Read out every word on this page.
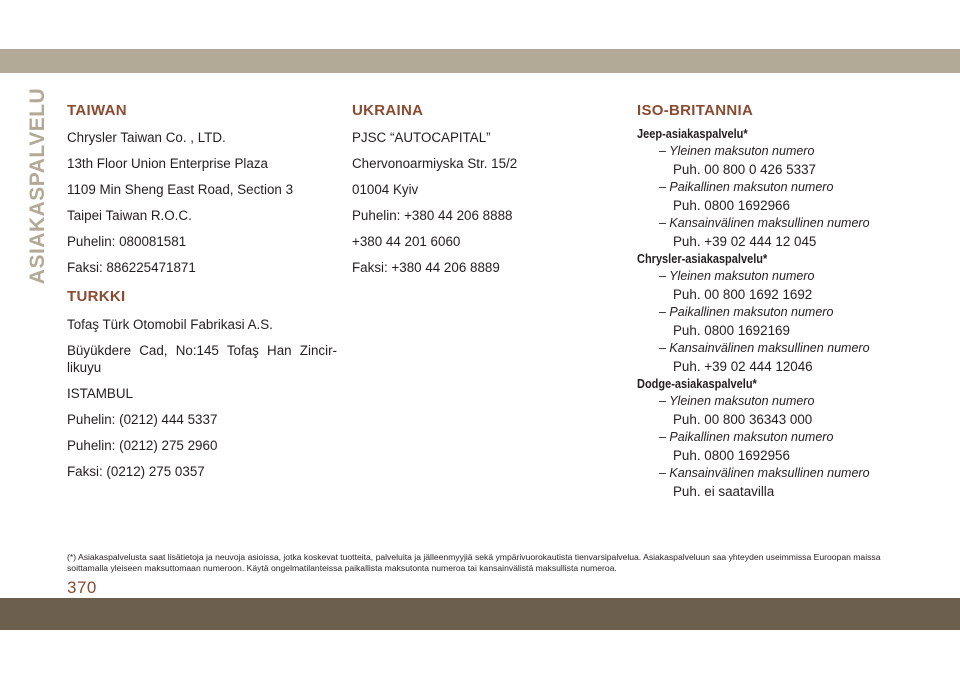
ASIAKASPALVELU TAIWAN

Chrysler Taiwan Co. , LTD.

13th Floor Union Enterprise Plaza

1109 Min Sheng East Road, Section 3

Taipei Taiwan R.O.C.

Puhelin: 080081581

Faksi: 886225471871

TURKKI

Tofaş Türk Otomobil Fabrikasi A.S.

Büyükdere Cad, No:145 Tofaş Han Zincir-likuyu

ISTAMBUL

Puhelin: (0212) 444 5337

Puhelin: (0212) 275 2960

Faksi: (0212) 275 0357

UKRAINA

PJSC “AUTOCAPITAL”

Chervonoarmiyska Str. 15/2

01004 Kyiv

Puhelin: +380 44 206 8888

+380 44 201 6060

Faksi: +380 44 206 8889

ISO-BRITANNIA

Jeep-asiakaspalvelu*

– Yleinen maksuton numero
Puh. 00 800 0 426 5337
– Paikallinen maksuton numero
Puh. 0800 1692966
– Kansainvälinen maksullinen numero
Puh. +39 02 444 12 045

Chrysler-asiakaspalvelu*

– Yleinen maksuton numero
Puh. 00 800 1692 1692
– Paikallinen maksuton numero
Puh. 0800 1692169
– Kansainvälinen maksullinen numero
Puh. +39 02 444 12046

Dodge-asiakaspalvelu*

– Yleinen maksuton numero
Puh. 00 800 36343 000
– Paikallinen maksuton numero
Puh. 0800 1692956
– Kansainvälinen maksullinen numero
Puh. ei saatavilla
(*) Asiakaspalvelusta saat lisätietoja ja neuvoja asioissa, jotka koskevat tuotteita, palveluita ja jälleenmyyjiä sekä ympärivuorokautista tienvarsipalvelua. Asiakaspalveluun saa yhteyden useimmissa Euroopan maissa soittamalla yleiseen maksuttomaan numeroon. Käytä ongelmatilanteissa paikallista maksutonta numeroa tai kansainvälistä maksullista numeroa.
370
